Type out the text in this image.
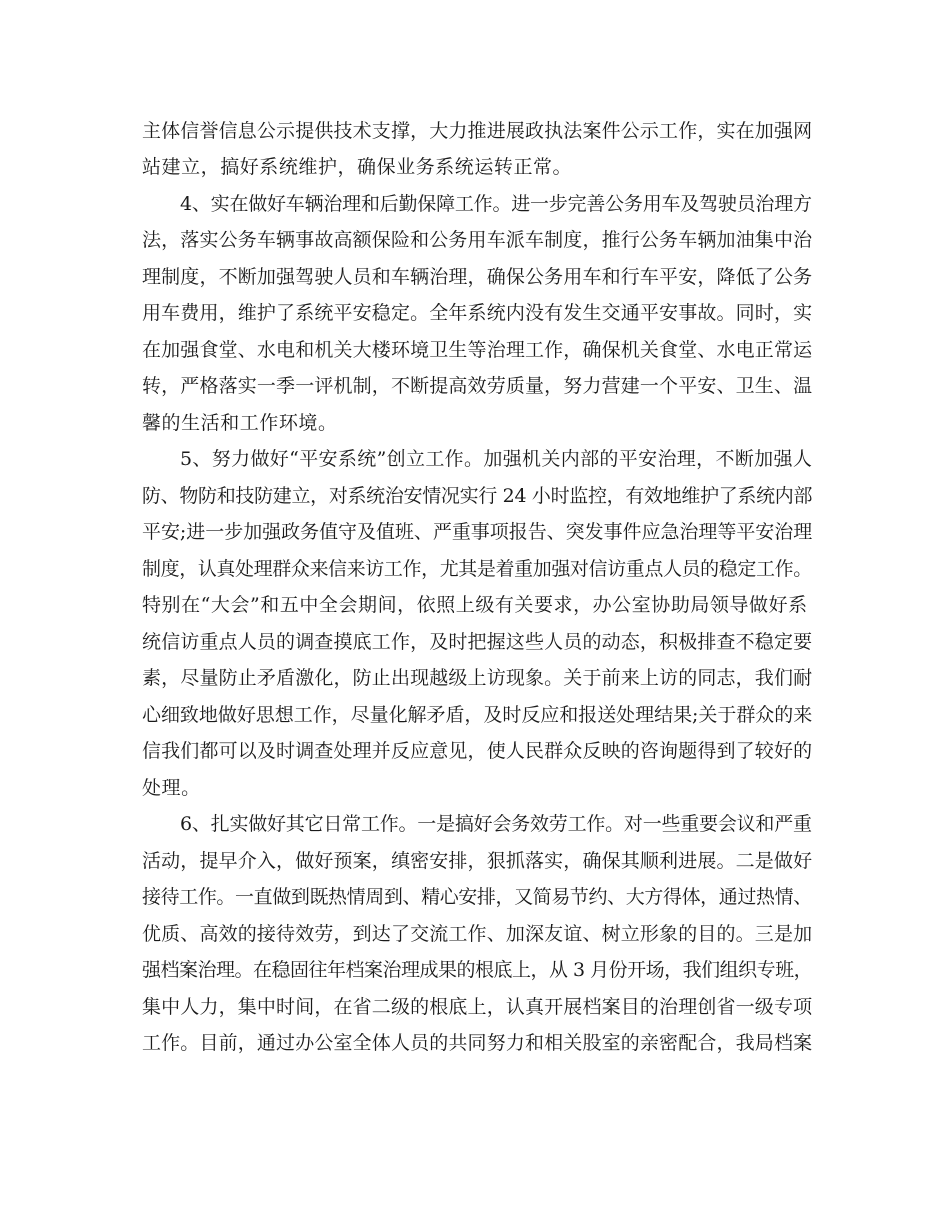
主体信誉信息公示提供技术支撑，大力推进展政执法案件公示工作，实在加强网
站建立，搞好系统维护，确保业务系统运转正常。
4、实在做好车辆治理和后勤保障工作。进一步完善公务用车及驾驶员治理方
法，落实公务车辆事故高额保险和公务用车派车制度，推行公务车辆加油集中治
理制度，不断加强驾驶人员和车辆治理，确保公务用车和行车平安，降低了公务
用车费用，维护了系统平安稳定。全年系统内没有发生交通平安事故。同时，实
在加强食堂、水电和机关大楼环境卫生等治理工作，确保机关食堂、水电正常运
转，严格落实一季一评机制，不断提高效劳质量，努力营建一个平安、卫生、温
馨的生活和工作环境。
5、努力做好“平安系统”创立工作。加强机关内部的平安治理，不断加强人
防、物防和技防建立，对系统治安情况实行 24 小时监控，有效地维护了系统内部
平安;进一步加强政务值守及值班、严重事项报告、突发事件应急治理等平安治理
制度，认真处理群众来信来访工作，尤其是着重加强对信访重点人员的稳定工作。
特别在“大会”和五中全会期间，依照上级有关要求，办公室协助局领导做好系
统信访重点人员的调查摸底工作，及时把握这些人员的动态，积极排查不稳定要
素，尽量防止矛盾激化，防止出现越级上访现象。关于前来上访的同志，我们耐
心细致地做好思想工作，尽量化解矛盾，及时反应和报送处理结果;关于群众的来
信我们都可以及时调查处理并反应意见，使人民群众反映的咨询题得到了较好的
处理。
6、扎实做好其它日常工作。一是搞好会务效劳工作。对一些重要会议和严重
活动，提早介入，做好预案，缜密安排，狠抓落实，确保其顺利进展。二是做好
接待工作。一直做到既热情周到、精心安排，又简易节约、大方得体，通过热情、
优质、高效的接待效劳，到达了交流工作、加深友谊、树立形象的目的。三是加
强档案治理。在稳固往年档案治理成果的根底上，从 3 月份开场，我们组织专班，
集中人力，集中时间，在省二级的根底上，认真开展档案目的治理创省一级专项
工作。目前，通过办公室全体人员的共同努力和相关股室的亲密配合，我局档案
